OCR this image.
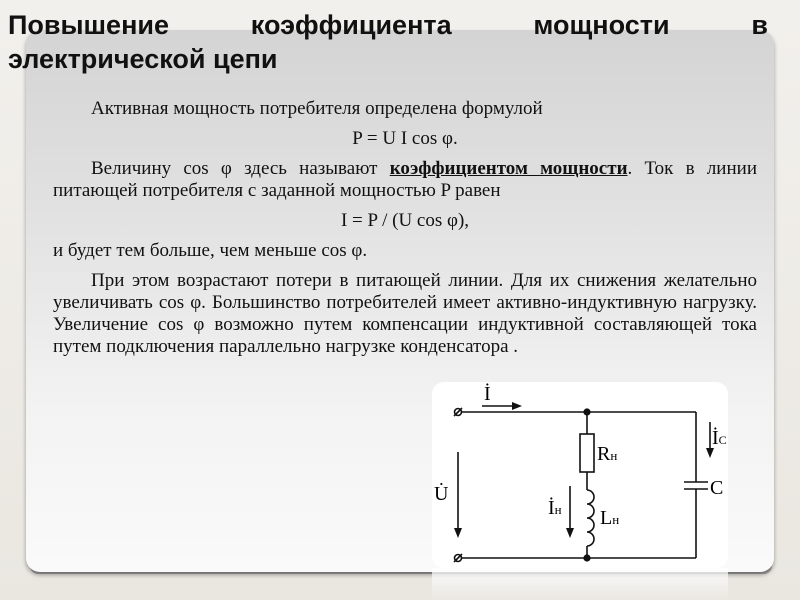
Повышение коэффициента мощности в
электрической цепи

Активная мощность потребителя определена формулой

P = U I cos φ.

Величину cos φ здесь называют коэффициентом мощности. Ток в линии питающей потребителя с заданной мощностью P равен

I = P / (U cos φ),

и будет тем больше, чем меньше cos φ.

При этом возрастают потери в питающей линии. Для их снижения желательно увеличивать cos φ. Большинство потребителей имеет активно-индуктивную нагрузку. Увеличение cos φ возможно путем компенсации индуктивной составляющей тока путем подключения параллельно нагрузке конденсатора .

İ
U̇
Rн
Lн
İн
C
İC
